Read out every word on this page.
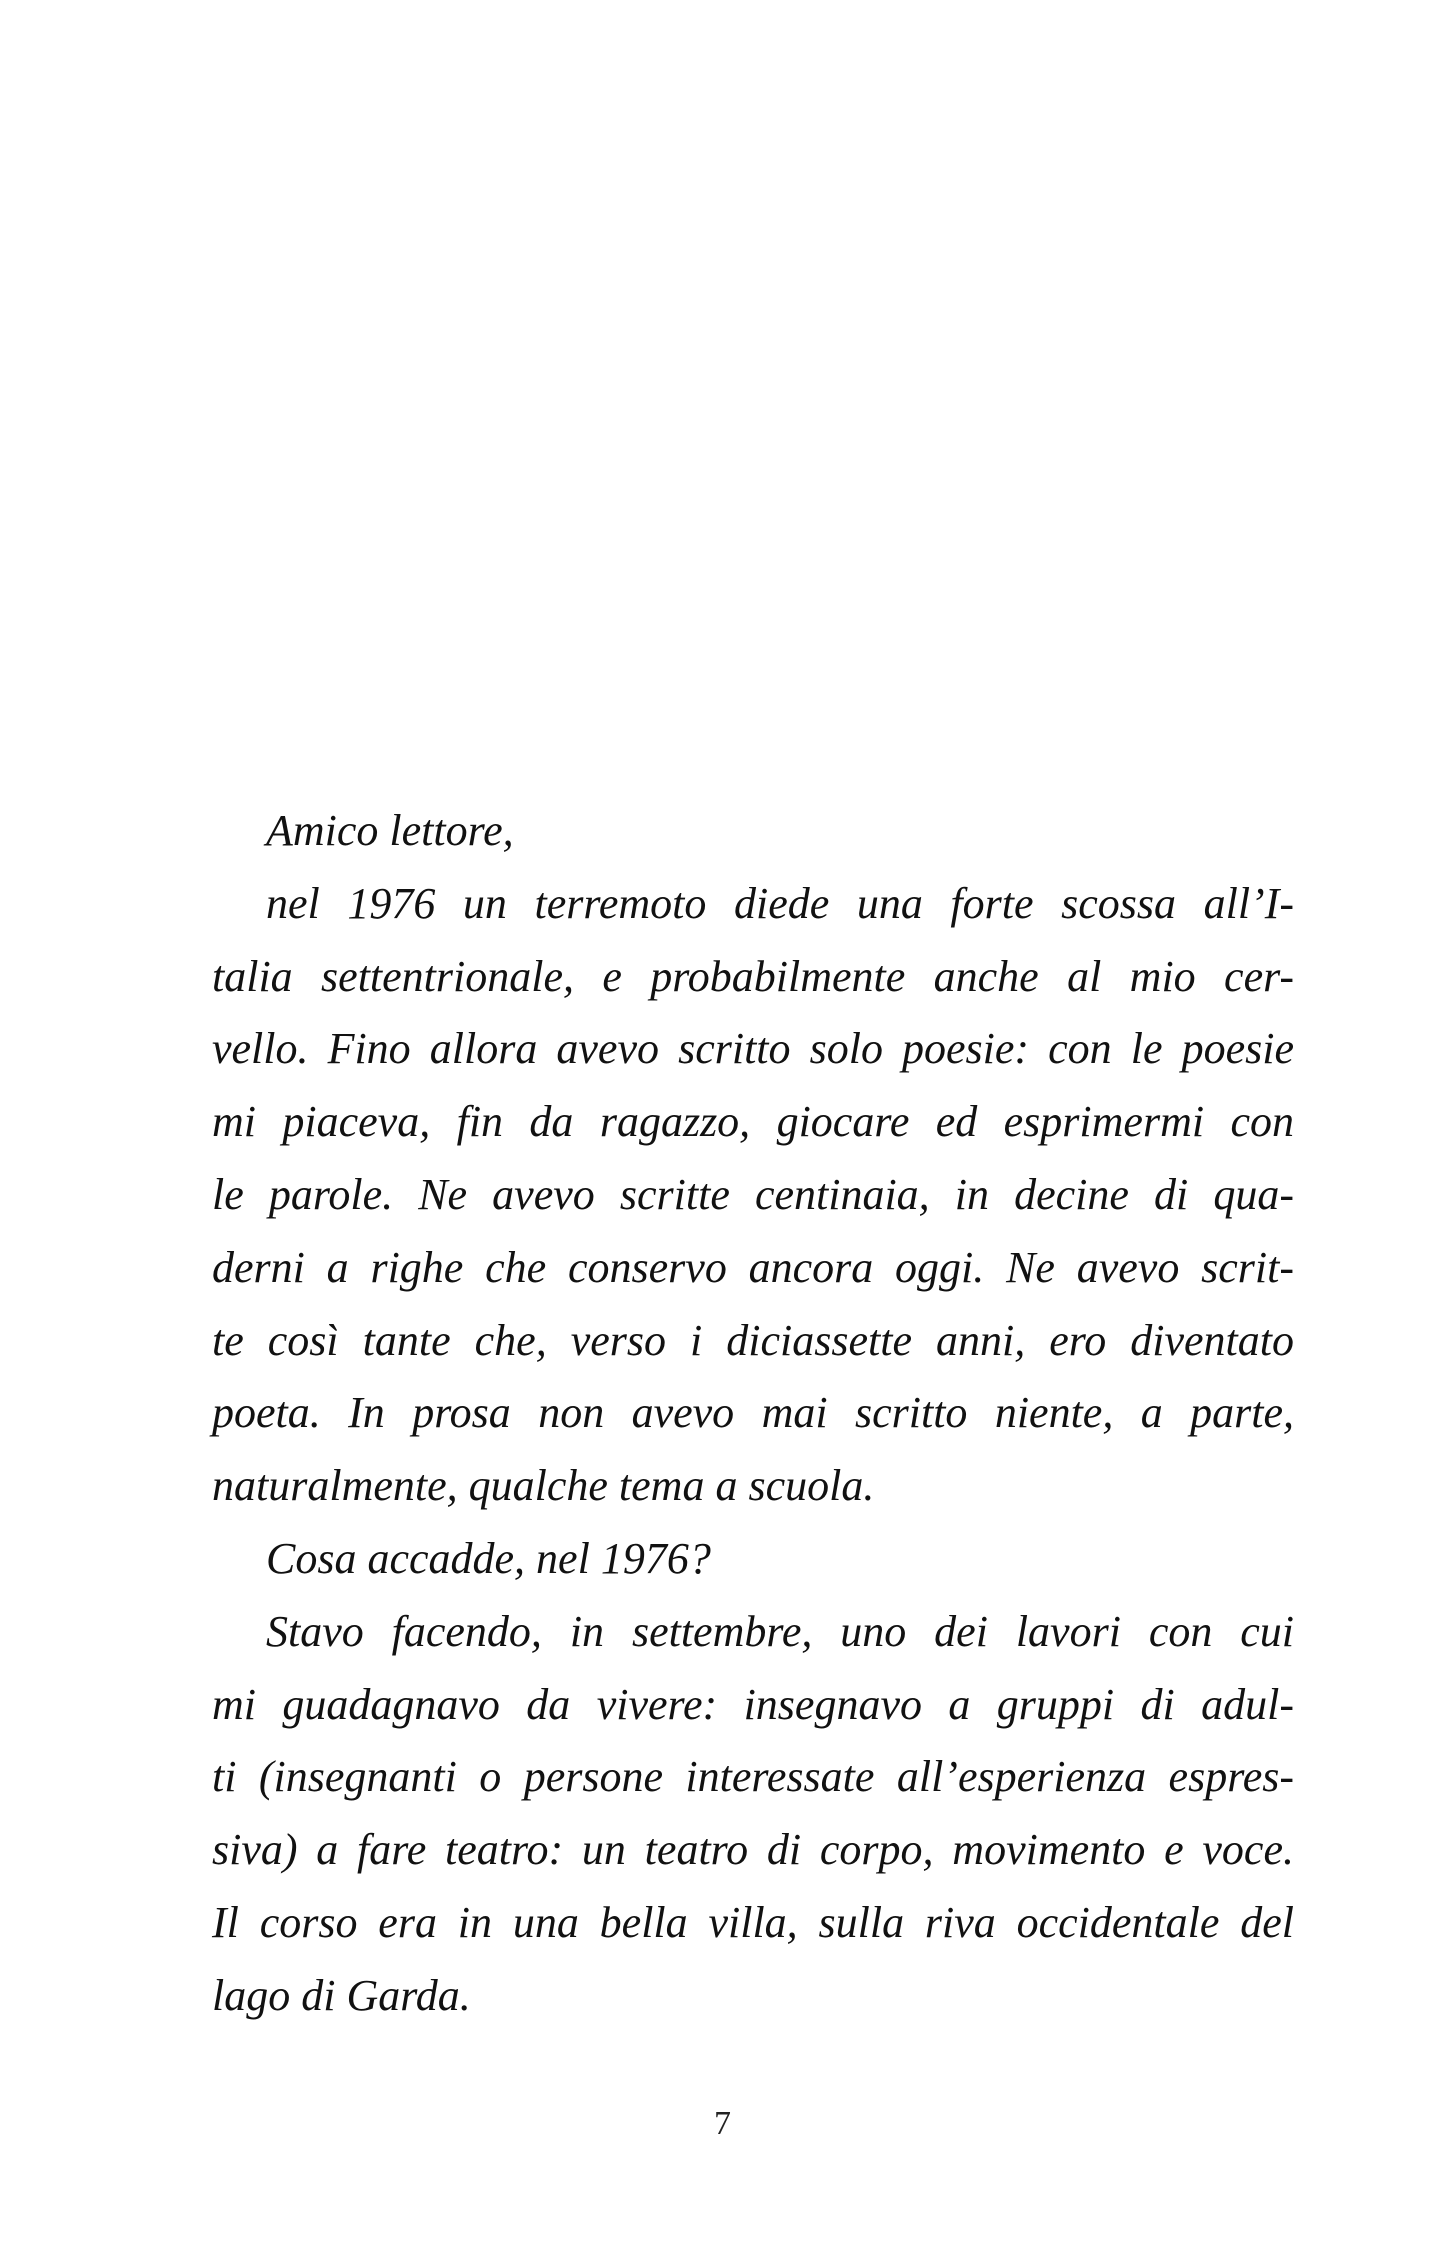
Amico lettore,
nel 1976 un terremoto diede una forte scossa all’I-
talia settentrionale, e probabilmente anche al mio cer-
vello. Fino allora avevo scritto solo poesie: con le poesie
mi piaceva, fin da ragazzo, giocare ed esprimermi con
le parole. Ne avevo scritte centinaia, in decine di qua-
derni a righe che conservo ancora oggi. Ne avevo scrit-
te così tante che, verso i diciassette anni, ero diventato
poeta. In prosa non avevo mai scritto niente, a parte,
naturalmente, qualche tema a scuola.
Cosa accadde, nel 1976?
Stavo facendo, in settembre, uno dei lavori con cui
mi guadagnavo da vivere: insegnavo a gruppi di adul-
ti (insegnanti o persone interessate all’esperienza espres-
siva) a fare teatro: un teatro di corpo, movimento e voce.
Il corso era in una bella villa, sulla riva occidentale del
lago di Garda.
7
